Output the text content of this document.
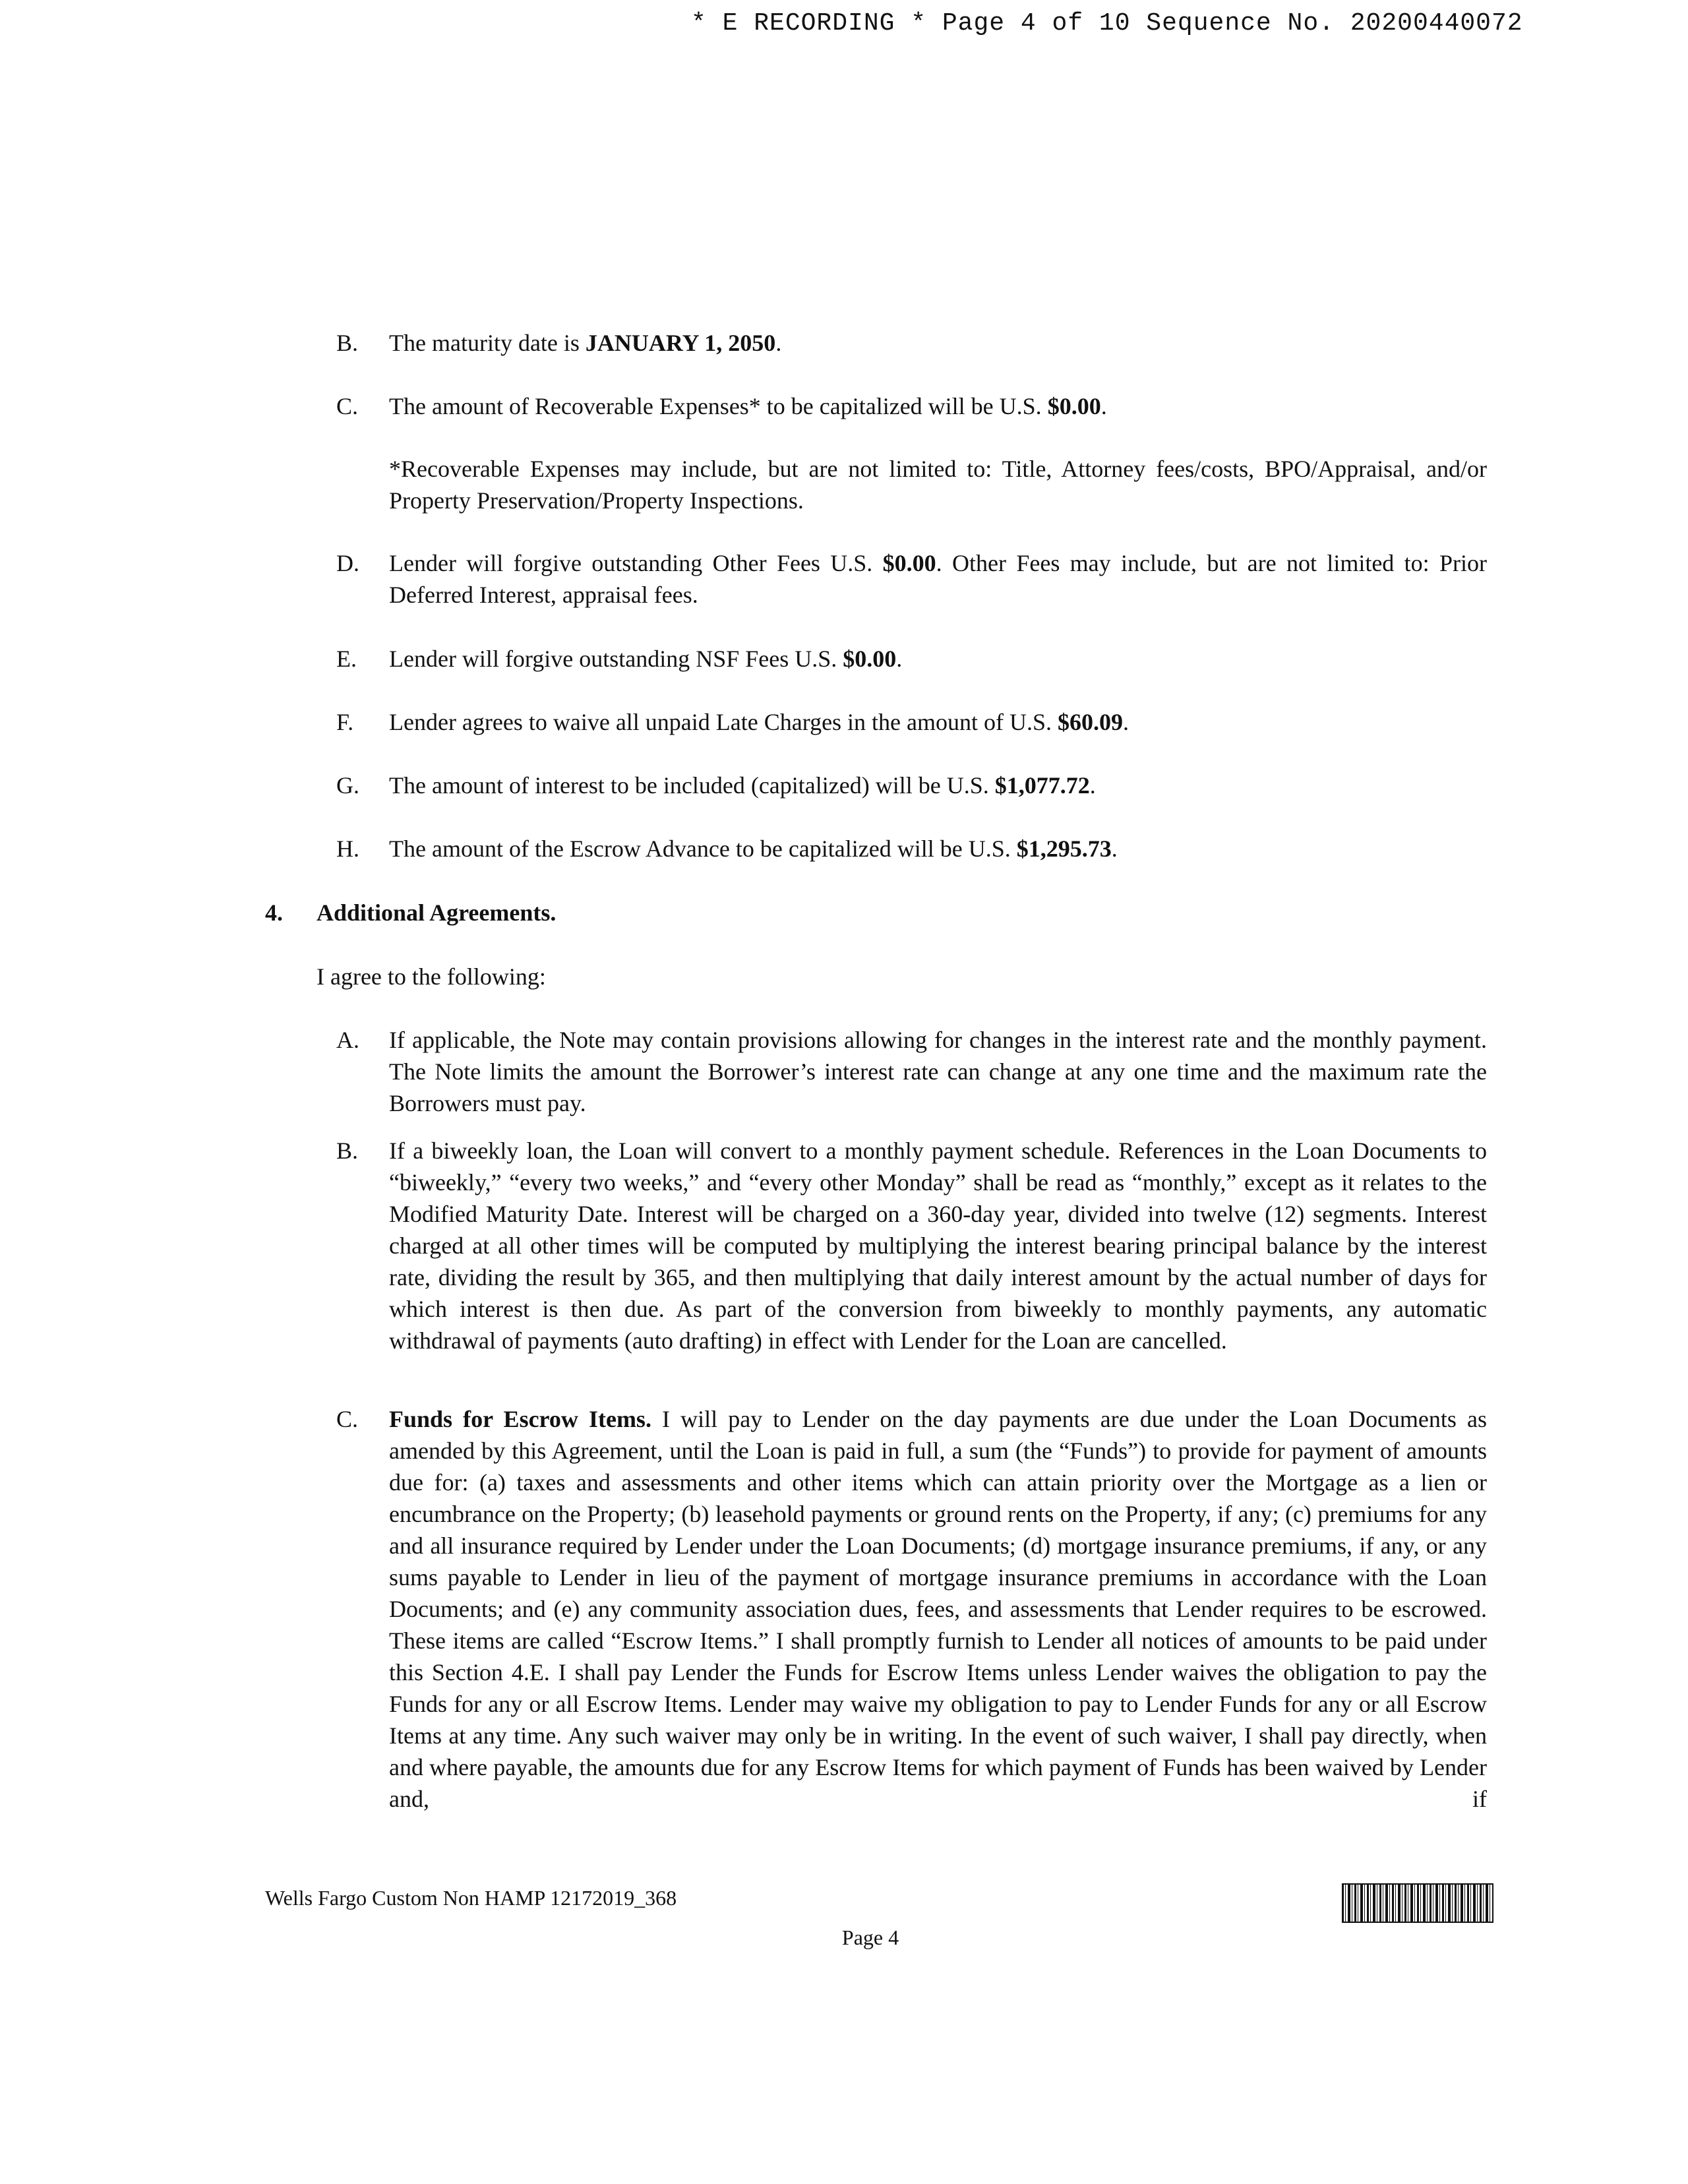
* E RECORDING * Page 4 of 10 Sequence No. 20200440072
B. The maturity date is JANUARY 1, 2050.
C. The amount of Recoverable Expenses* to be capitalized will be U.S. $0.00.
*Recoverable Expenses may include, but are not limited to: Title, Attorney fees/costs, BPO/Appraisal, and/or Property Preservation/Property Inspections.
D. Lender will forgive outstanding Other Fees U.S. $0.00. Other Fees may include, but are not limited to: Prior Deferred Interest, appraisal fees.
E. Lender will forgive outstanding NSF Fees U.S. $0.00.
F. Lender agrees to waive all unpaid Late Charges in the amount of U.S. $60.09.
G. The amount of interest to be included (capitalized) will be U.S. $1,077.72.
H. The amount of the Escrow Advance to be capitalized will be U.S. $1,295.73.
4. Additional Agreements.
I agree to the following:
A. If applicable, the Note may contain provisions allowing for changes in the interest rate and the monthly payment. The Note limits the amount the Borrower’s interest rate can change at any one time and the maximum rate the Borrowers must pay.
B. If a biweekly loan, the Loan will convert to a monthly payment schedule. References in the Loan Documents to “biweekly,” “every two weeks,” and “every other Monday” shall be read as “monthly,” except as it relates to the Modified Maturity Date. Interest will be charged on a 360-day year, divided into twelve (12) segments. Interest charged at all other times will be computed by multiplying the interest bearing principal balance by the interest rate, dividing the result by 365, and then multiplying that daily interest amount by the actual number of days for which interest is then due. As part of the conversion from biweekly to monthly payments, any automatic withdrawal of payments (auto drafting) in effect with Lender for the Loan are cancelled.
C. Funds for Escrow Items. I will pay to Lender on the day payments are due under the Loan Documents as amended by this Agreement, until the Loan is paid in full, a sum (the “Funds”) to provide for payment of amounts due for: (a) taxes and assessments and other items which can attain priority over the Mortgage as a lien or encumbrance on the Property; (b) leasehold payments or ground rents on the Property, if any; (c) premiums for any and all insurance required by Lender under the Loan Documents; (d) mortgage insurance premiums, if any, or any sums payable to Lender in lieu of the payment of mortgage insurance premiums in accordance with the Loan Documents; and (e) any community association dues, fees, and assessments that Lender requires to be escrowed. These items are called “Escrow Items.” I shall promptly furnish to Lender all notices of amounts to be paid under this Section 4.E. I shall pay Lender the Funds for Escrow Items unless Lender waives the obligation to pay the Funds for any or all Escrow Items. Lender may waive my obligation to pay to Lender Funds for any or all Escrow Items at any time. Any such waiver may only be in writing. In the event of such waiver, I shall pay directly, when and where payable, the amounts due for any Escrow Items for which payment of Funds has been waived by Lender and, if
Wells Fargo Custom Non HAMP 12172019_368
Page 4
